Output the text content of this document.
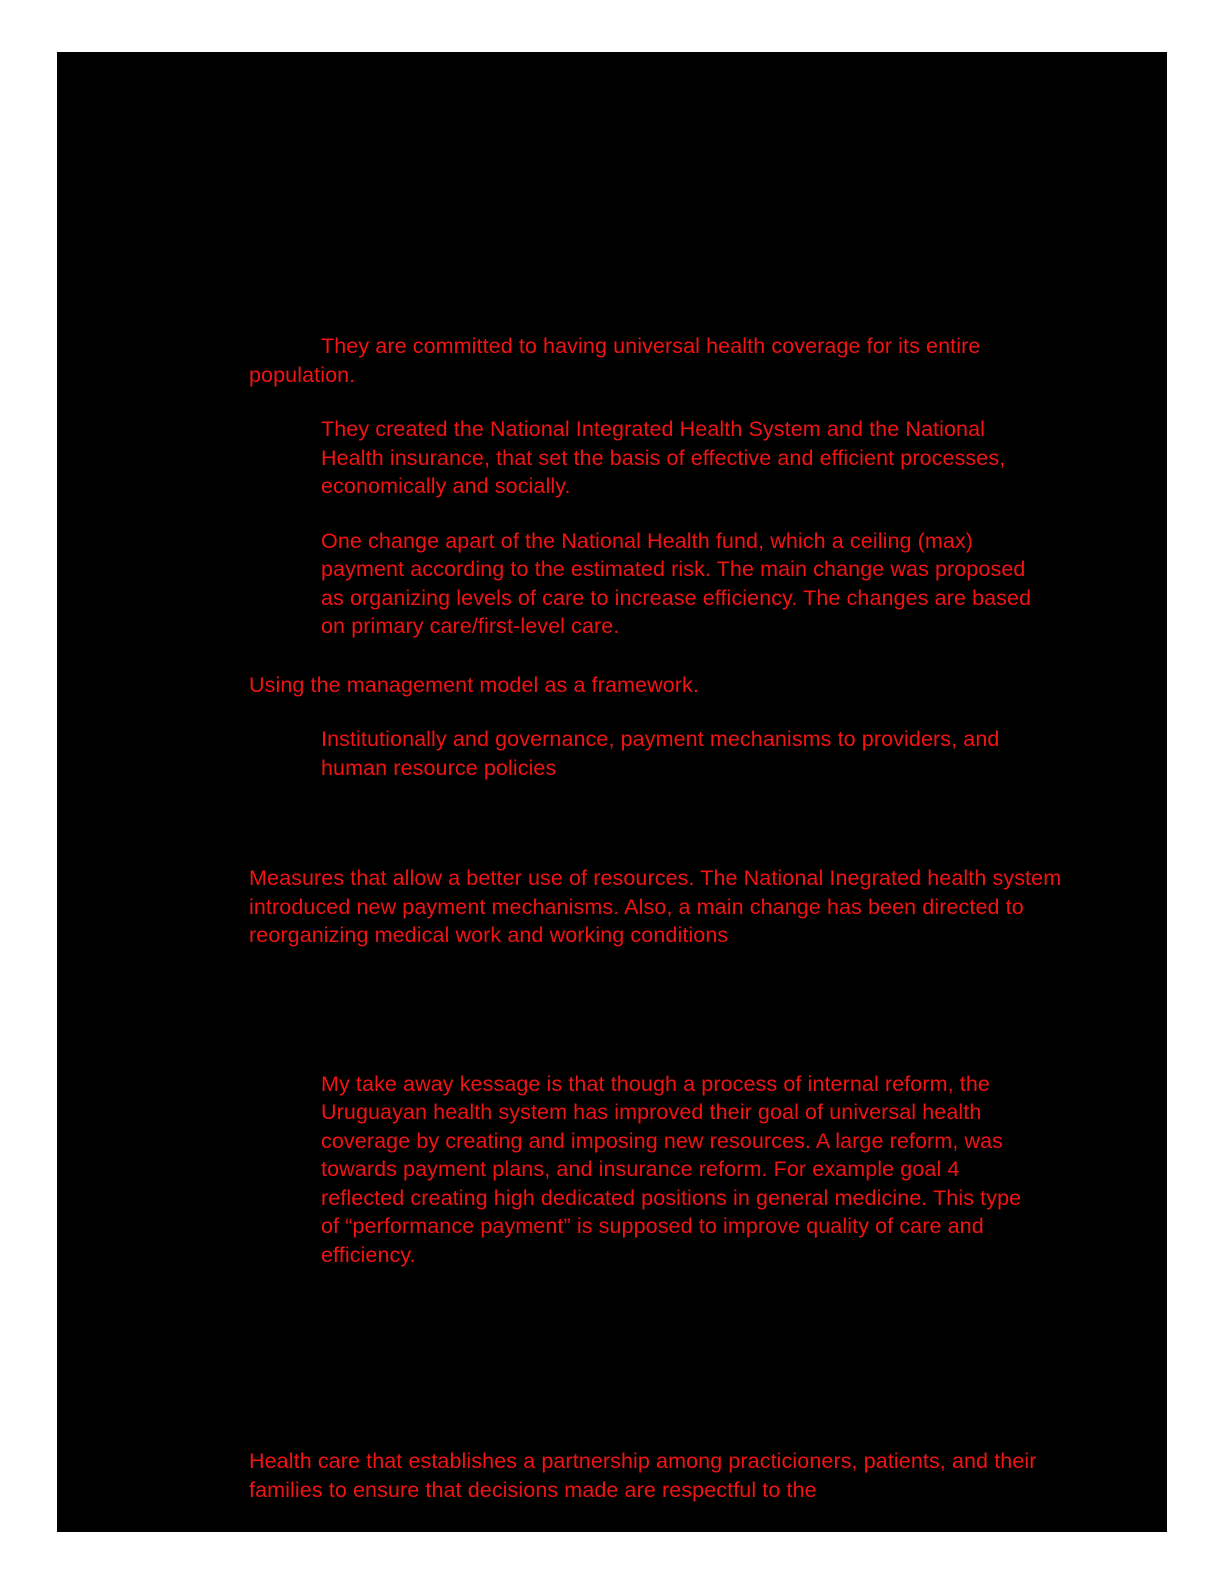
They are committed to having universal health coverage for its entire population.

They created the National Integrated Health System and the National Health insurance, that set the basis of effective and efficient processes, economically and socially.

One change apart of the National Health fund, which a ceiling (max) payment according to the estimated risk. The main change was proposed as organizing levels of care to increase efficiency. The changes are based on primary care/first-level care.

Using the management model as a framework.

Institutionally and governance, payment mechanisms to providers, and human resource policies

Measures that allow a better use of resources. The National Inegrated health system introduced new payment mechanisms. Also, a main change has been directed to reorganizing medical work and working conditions

My take away kessage is that though a process of internal reform, the Uruguayan health system has improved their goal of universal health coverage by creating and imposing new resources. A large reform, was towards payment plans, and insurance reform. For example goal 4 reflected creating high dedicated positions in general medicine. This type of “performance payment” is supposed to improve quality of care and efficiency.

Health care that establishes a partnership among practicioners, patients, and their families to ensure that decisions made are respectful to the
